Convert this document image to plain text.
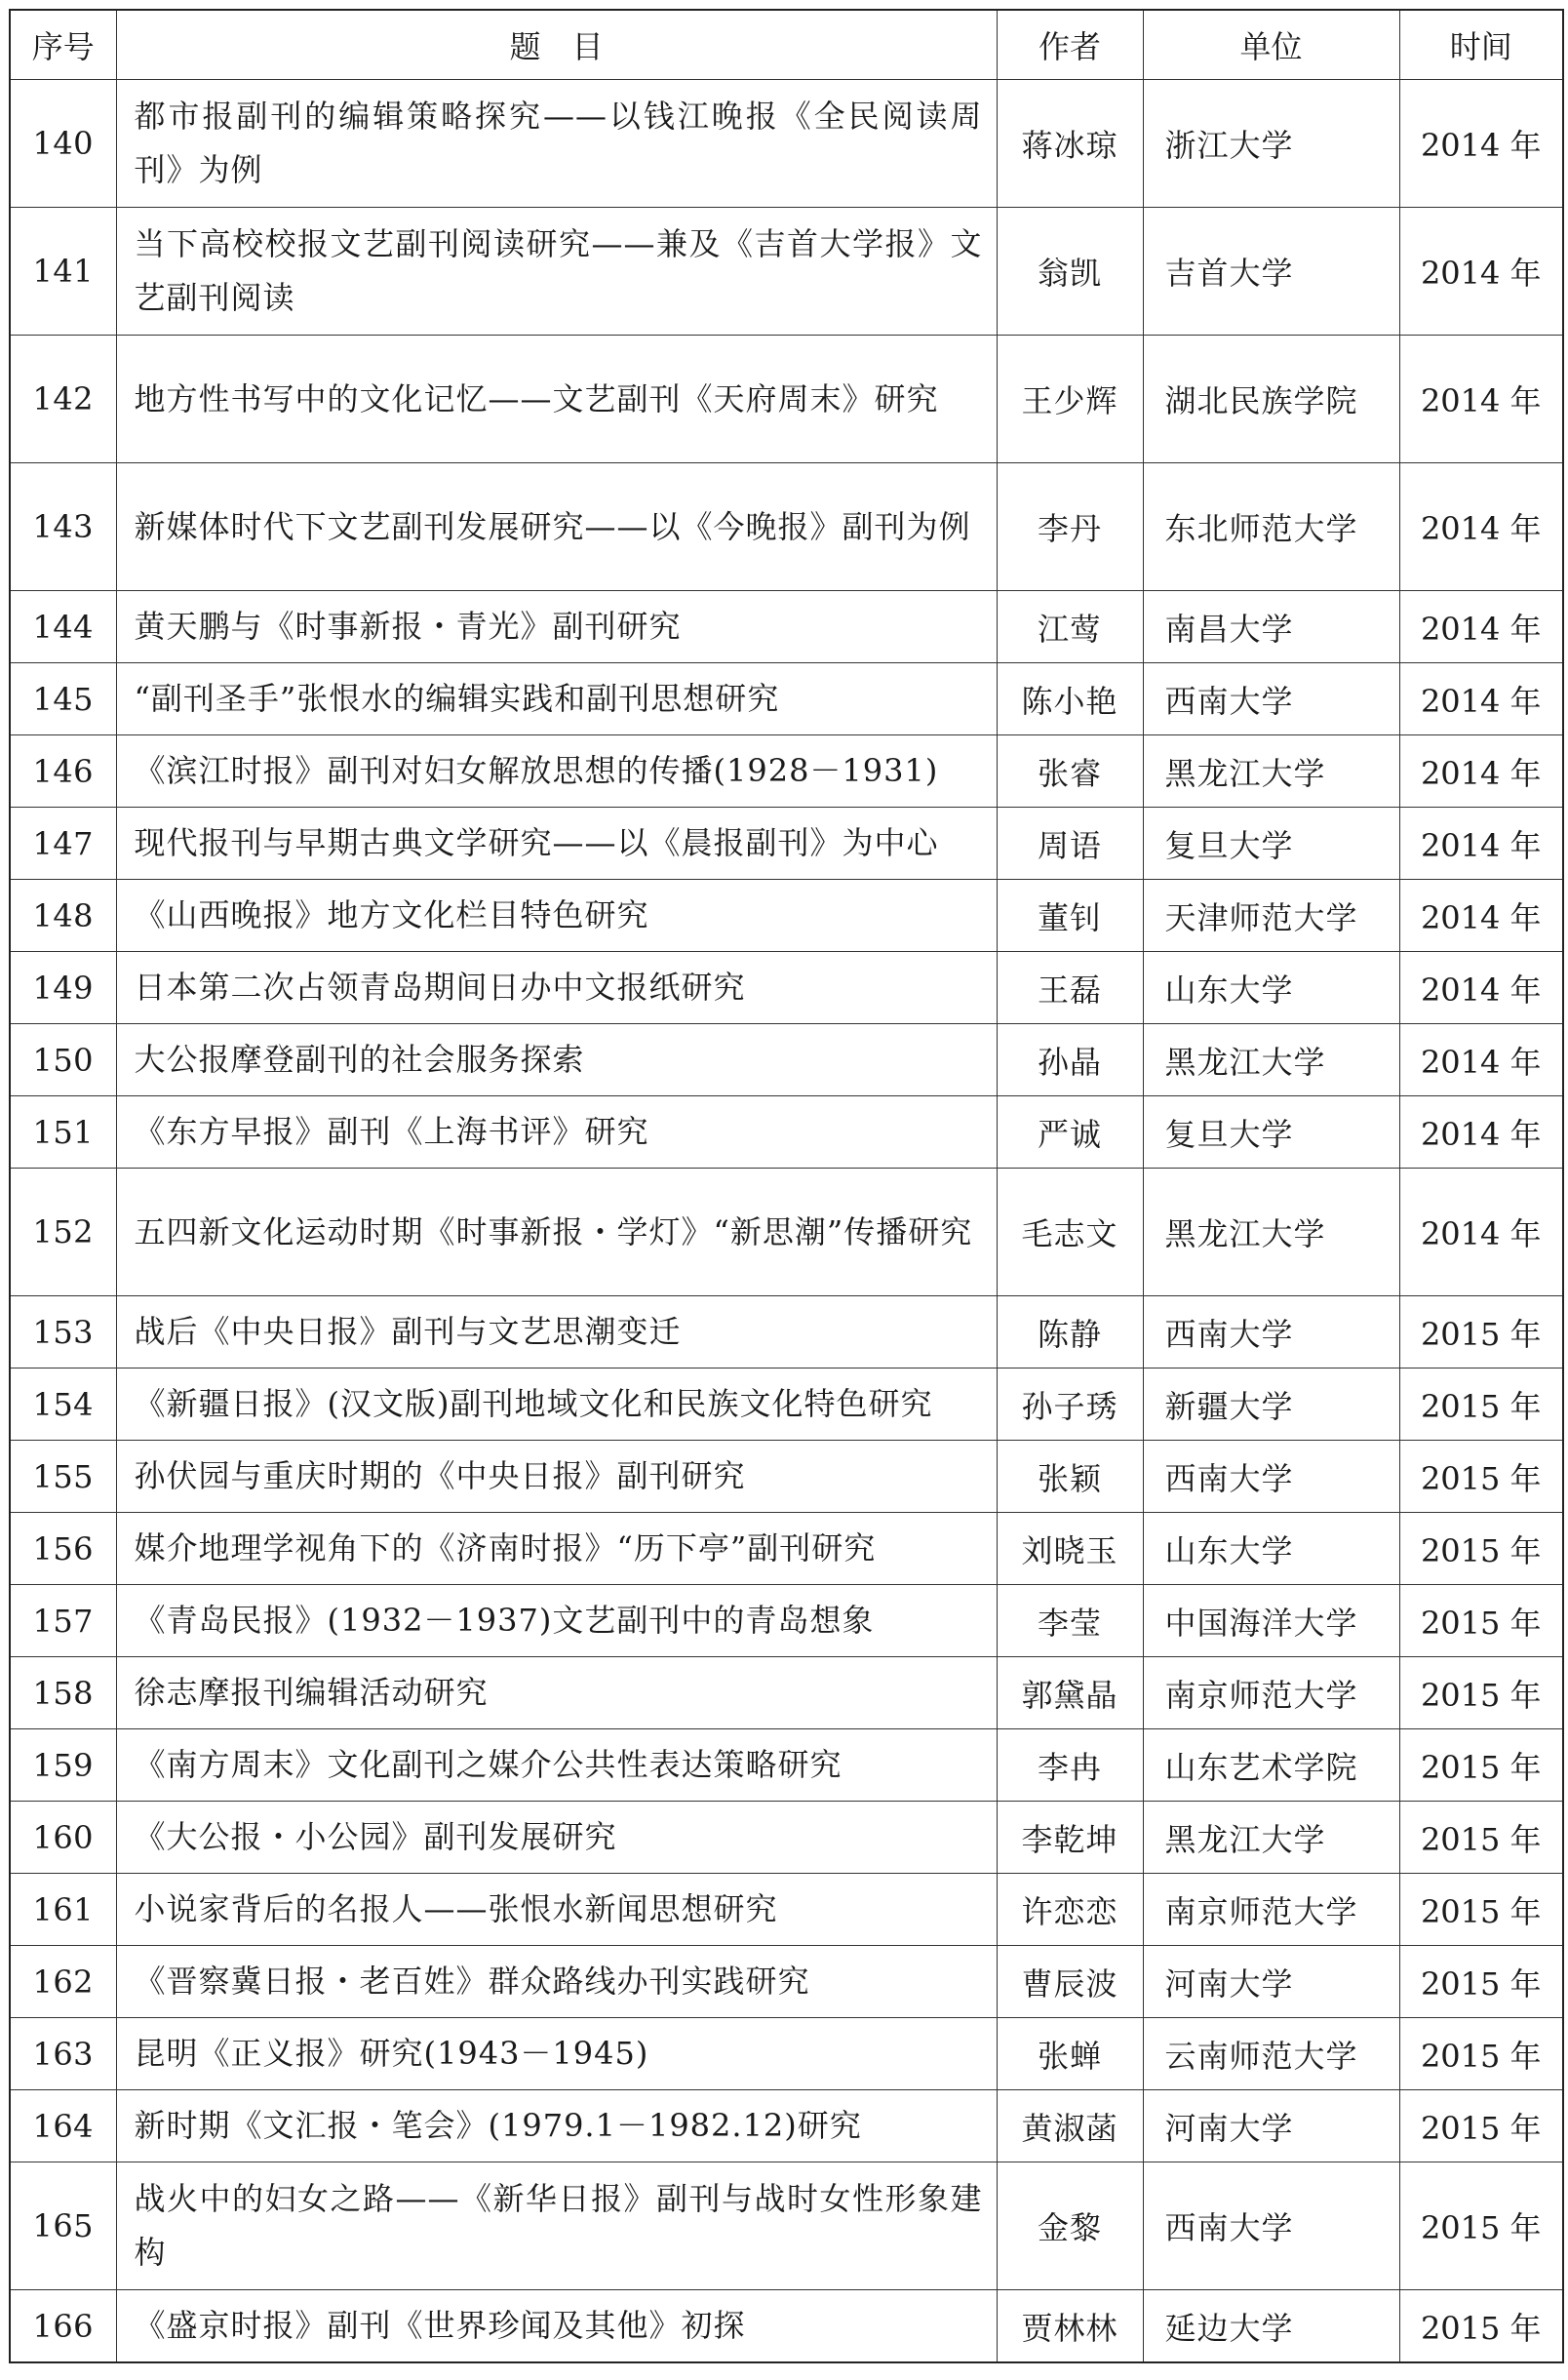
序号	题　目	作者	单位	时间
140	都市报副刊的编辑策略探究——以钱江晚报《全民阅读周刊》为例	蒋冰琼	浙江大学	2014 年
141	当下高校校报文艺副刊阅读研究——兼及《吉首大学报》文艺副刊阅读	翁凯	吉首大学	2014 年
142	地方性书写中的文化记忆——文艺副刊《天府周末》研究	王少辉	湖北民族学院	2014 年
143	新媒体时代下文艺副刊发展研究——以《今晚报》副刊为例	李丹	东北师范大学	2014 年
144	黄天鹏与《时事新报・青光》副刊研究	江莺	南昌大学	2014 年
145	“副刊圣手”张恨水的编辑实践和副刊思想研究	陈小艳	西南大学	2014 年
146	《滨江时报》副刊对妇女解放思想的传播(1928－1931)	张睿	黑龙江大学	2014 年
147	现代报刊与早期古典文学研究——以《晨报副刊》为中心	周语	复旦大学	2014 年
148	《山西晚报》地方文化栏目特色研究	董钊	天津师范大学	2014 年
149	日本第二次占领青岛期间日办中文报纸研究	王磊	山东大学	2014 年
150	大公报摩登副刊的社会服务探索	孙晶	黑龙江大学	2014 年
151	《东方早报》副刊《上海书评》研究	严诚	复旦大学	2014 年
152	五四新文化运动时期《时事新报・学灯》“新思潮”传播研究	毛志文	黑龙江大学	2014 年
153	战后《中央日报》副刊与文艺思潮变迁	陈静	西南大学	2015 年
154	《新疆日报》(汉文版)副刊地域文化和民族文化特色研究	孙子琇	新疆大学	2015 年
155	孙伏园与重庆时期的《中央日报》副刊研究	张颖	西南大学	2015 年
156	媒介地理学视角下的《济南时报》“历下亭”副刊研究	刘晓玉	山东大学	2015 年
157	《青岛民报》(1932－1937)文艺副刊中的青岛想象	李莹	中国海洋大学	2015 年
158	徐志摩报刊编辑活动研究	郭黛晶	南京师范大学	2015 年
159	《南方周末》文化副刊之媒介公共性表达策略研究	李冉	山东艺术学院	2015 年
160	《大公报・小公园》副刊发展研究	李乾坤	黑龙江大学	2015 年
161	小说家背后的名报人——张恨水新闻思想研究	许恋恋	南京师范大学	2015 年
162	《晋察冀日报・老百姓》群众路线办刊实践研究	曹辰波	河南大学	2015 年
163	昆明《正义报》研究(1943－1945)	张蝉	云南师范大学	2015 年
164	新时期《文汇报・笔会》(1979.1－1982.12)研究	黄淑菡	河南大学	2015 年
165	战火中的妇女之路——《新华日报》副刊与战时女性形象建构	金黎	西南大学	2015 年
166	《盛京时报》副刊《世界珍闻及其他》初探	贾林林	延边大学	2015 年
